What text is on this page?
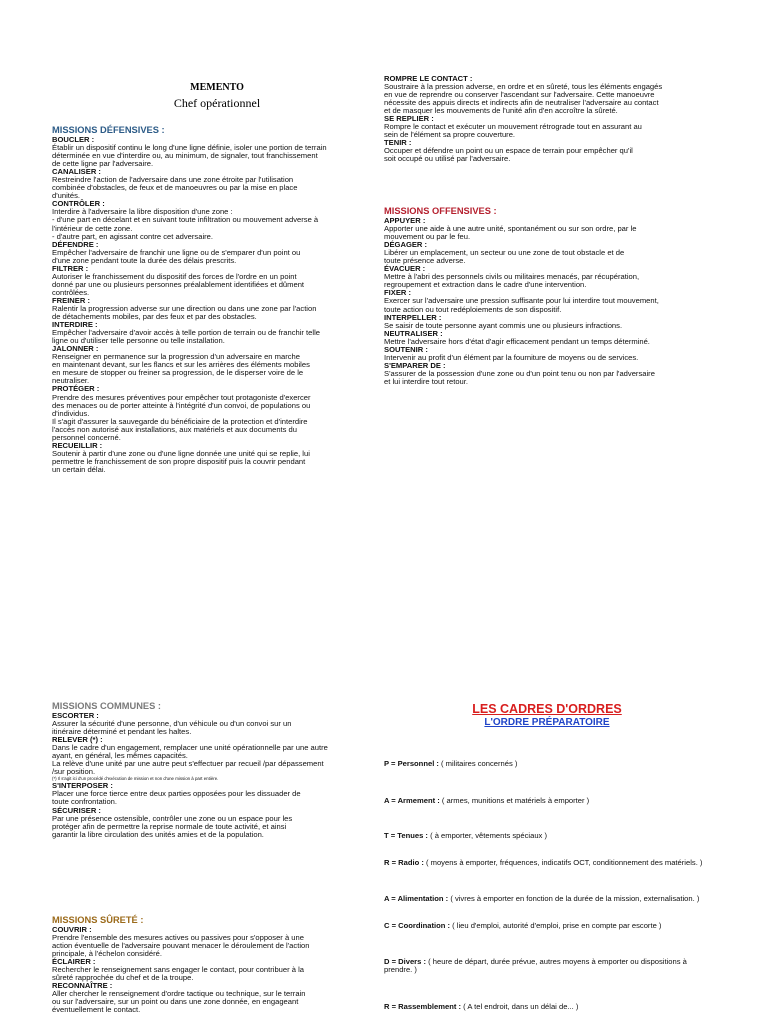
MEMENTO
Chef opérationnel

MISSIONS DÉFENSIVES :

BOUCLER :

Établir un dispositif continu le long d'une ligne définie, isoler une portion de terrain

déterminée en vue d'interdire ou, au minimum, de signaler, tout franchissement

de cette ligne par l'adversaire.

CANALISER :

Restreindre l'action de l'adversaire dans une zone étroite par l'utilisation

combinée d'obstacles, de feux et de manoeuvres ou par la mise en place

d'unités.

CONTRÔLER :

Interdire à l'adversaire la libre disposition d'une zone :

- d'une part en décelant et en suivant toute infiltration ou mouvement adverse à

l'intérieur de cette zone.

- d'autre part, en agissant contre cet adversaire.

DÉFENDRE :

Empêcher l'adversaire de franchir une ligne ou de s'emparer d'un point ou

d'une zone pendant toute la durée des délais prescrits.

FILTRER :

Autoriser le franchissement du dispositif des forces de l'ordre en un point

donné par une ou plusieurs personnes préalablement identifiées et dûment

contrôlées.

FREINER :

Ralentir la progression adverse sur une direction ou dans une zone par l'action

de détachements mobiles, par des feux et par des obstacles.

INTERDIRE :

Empêcher l'adversaire d'avoir accès à telle portion de terrain ou de franchir telle

ligne ou d'utiliser telle personne ou telle installation.

JALONNER :

Renseigner en permanence sur la progression d'un adversaire en marche

en maintenant devant, sur les flancs et sur les arrières des éléments mobiles

en mesure de stopper ou freiner sa progression, de le disperser voire de le

neutraliser.

PROTÉGER :

Prendre des mesures préventives pour empêcher tout protagoniste d'exercer

des menaces ou de porter atteinte à l'intégrité d'un convoi, de populations ou

d'individus.

Il s'agit d'assurer la sauvegarde du bénéficiaire de la protection et d'interdire

l'accès non autorisé aux installations, aux matériels et aux documents du

personnel concerné.

RECUEILLIR :

Soutenir à partir d'une zone ou d'une ligne donnée une unité qui se replie, lui

permettre le franchissement de son propre dispositif puis la couvrir pendant

un certain délai.

ROMPRE LE CONTACT :

Soustraire à la pression adverse, en ordre et en sûreté, tous les éléments engagés

en vue de reprendre ou conserver l'ascendant sur l'adversaire. Cette manoeuvre

nécessite des appuis directs et indirects afin de neutraliser l'adversaire au contact

et de masquer les mouvements de l'unité afin d'en accroître la sûreté.

SE REPLIER :

Rompre le contact et exécuter un mouvement rétrograde tout en assurant au

sein de l'élément sa propre couverture.

TENIR :

Occuper et défendre un point ou un espace de terrain pour empêcher qu'il

soit occupé ou utilisé par l'adversaire.

MISSIONS OFFENSIVES :

APPUYER :

Apporter une aide à une autre unité, spontanément ou sur son ordre, par le

mouvement ou par le feu.

DÉGAGER :

Libérer un emplacement, un secteur ou une zone de tout obstacle et de

toute présence adverse.

ÉVACUER :

Mettre à l'abri des personnels civils ou militaires menacés, par récupération,

regroupement et extraction dans le cadre d'une intervention.

FIXER :

Exercer sur l'adversaire une pression suffisante pour lui interdire tout mouvement,

toute action ou tout redéploiements de son dispositif.

INTERPELLER :

Se saisir de toute personne ayant commis une ou plusieurs infractions.

NEUTRALISER :

Mettre l'adversaire hors d'état d'agir efficacement pendant un temps déterminé.

SOUTENIR :

Intervenir au profit d'un élément par la fourniture de moyens ou de services.

S'EMPARER DE :

S'assurer de la possession d'une zone ou d'un point tenu ou non par l'adversaire

et lui interdire tout retour.

MISSIONS COMMUNES :

ESCORTER :

Assurer la sécurité d'une personne, d'un véhicule ou d'un convoi sur un

itinéraire déterminé et pendant les haltes.

RELEVER (*) :

Dans le cadre d'un engagement, remplacer une unité opérationnelle par une autre

ayant, en général, les mêmes capacités.

La relève d'une unité par une autre peut s'effectuer par recueil /par dépassement

/sur position.

(*) Il s'agit ici d'un procédé d'exécution de mission et non d'une mission à part entière.

S'INTERPOSER :

Placer une force tierce entre deux parties opposées pour les dissuader de

toute confrontation.

SÉCURISER :

Par une présence ostensible, contrôler une zone ou un espace pour les

protéger afin de permettre la reprise normale de toute activité, et ainsi

garantir la libre circulation des unités amies et de la population.

MISSIONS SÛRETÉ :

COUVRIR :

Prendre l'ensemble des mesures actives ou passives pour s'opposer à une

action éventuelle de l'adversaire pouvant menacer le déroulement de l'action

principale, à l'échelon considéré.

ÉCLAIRER :

Rechercher le renseignement sans engager le contact, pour contribuer à la

sûreté rapprochée du chef et de la troupe.

RECONNAÎTRE :

Aller chercher le renseignement d'ordre tactique ou technique, sur le terrain

ou sur l'adversaire, sur un point ou dans une zone donnée, en engageant

éventuellement le contact.

LES CADRES D'ORDRES
L'ORDRE PRÉPARATOIRE
P = Personnel : ( militaires concernés )
A = Armement : ( armes, munitions et matériels à emporter )
T = Tenues : ( à emporter, vêtements spéciaux )
R = Radio : ( moyens à emporter, fréquences, indicatifs OCT, conditionnement des matériels. )
A = Alimentation : ( vivres à emporter en fonction de la durée de la mission, externalisation. )
C = Coordination : ( lieu d'emploi, autorité d'emploi, prise en compte par escorte )
D = Divers : ( heure de départ, durée prévue, autres moyens à emporter ou dispositions à prendre. )
R = Rassemblement : ( A tel endroit, dans un délai de... )
